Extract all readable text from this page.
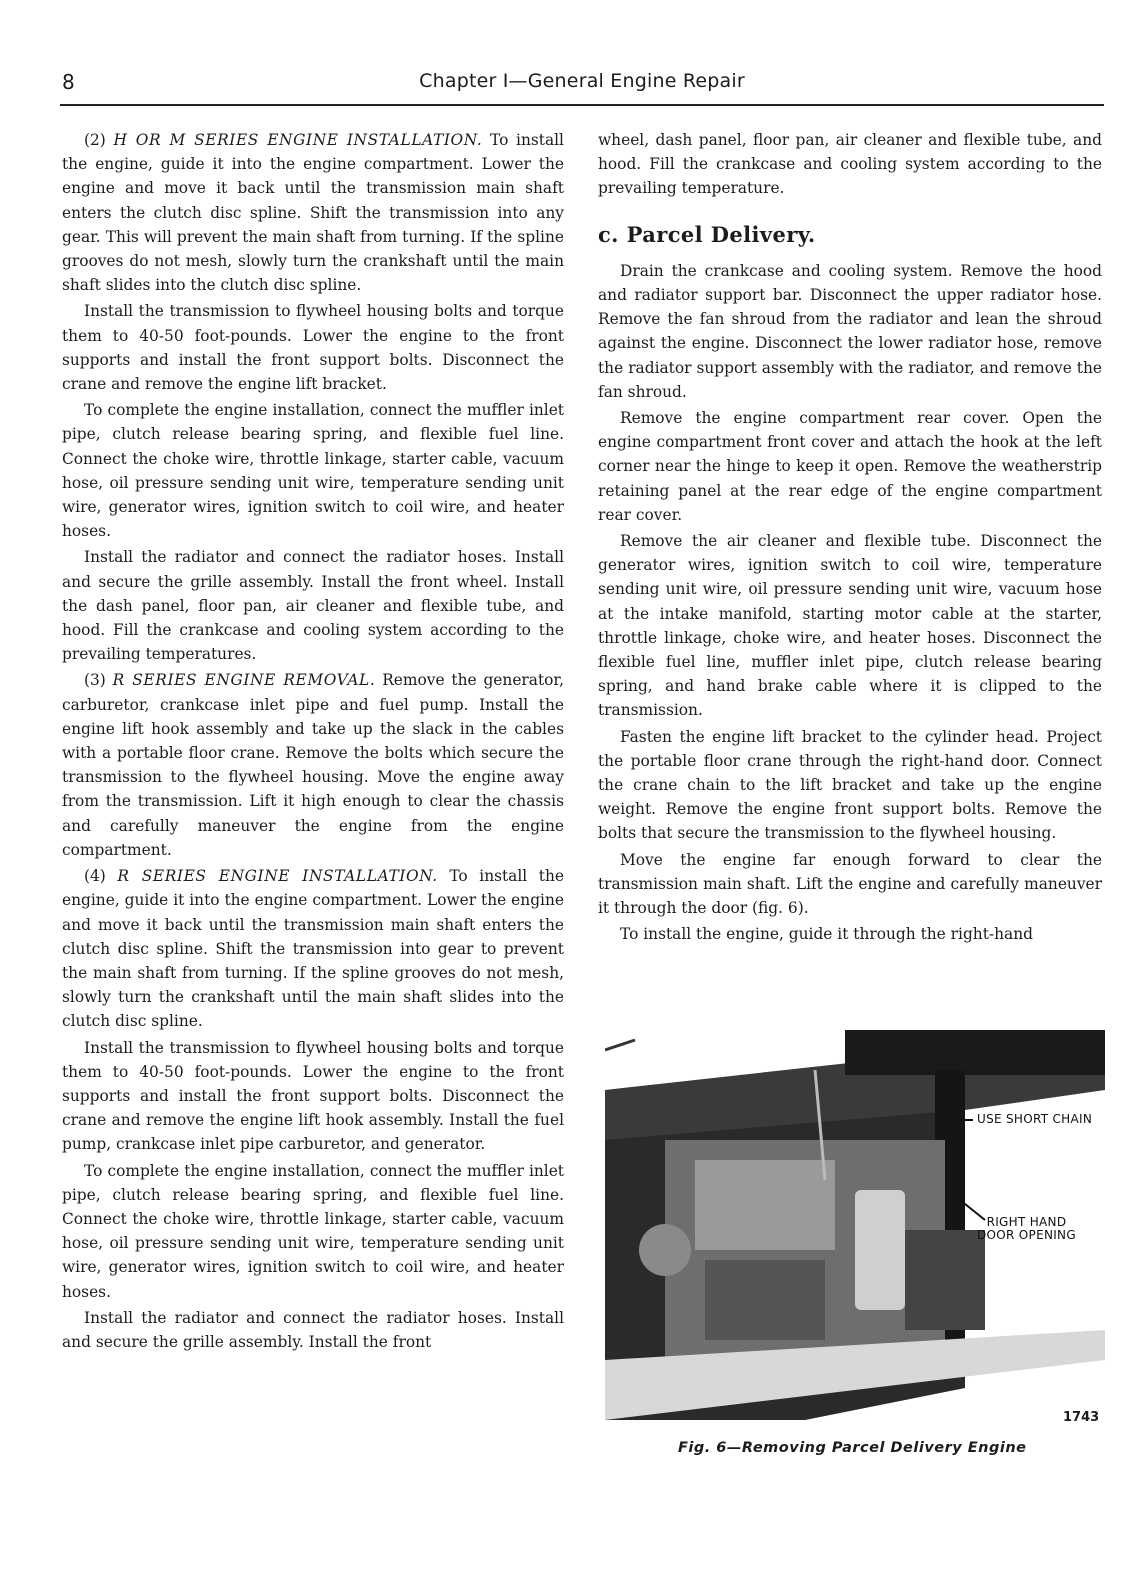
8	Chapter I—General Engine Repair

(2) H OR M SERIES ENGINE INSTALLATION. To install the engine, guide it into the engine compartment. Lower the engine and move it back until the transmission main shaft enters the clutch disc spline. Shift the transmission into any gear. This will prevent the main shaft from turning. If the spline grooves do not mesh, slowly turn the crankshaft until the main shaft slides into the clutch disc spline.

Install the transmission to flywheel housing bolts and torque them to 40-50 foot-pounds. Lower the engine to the front supports and install the front support bolts. Disconnect the crane and remove the engine lift bracket.

To complete the engine installation, connect the muffler inlet pipe, clutch release bearing spring, and flexible fuel line. Connect the choke wire, throttle linkage, starter cable, vacuum hose, oil pressure sending unit wire, temperature sending unit wire, generator wires, ignition switch to coil wire, and heater hoses.

Install the radiator and connect the radiator hoses. Install and secure the grille assembly. Install the front wheel. Install the dash panel, floor pan, air cleaner and flexible tube, and hood. Fill the crankcase and cooling system according to the prevailing temperatures.

(3) R SERIES ENGINE REMOVAL. Remove the generator, carburetor, crankcase inlet pipe and fuel pump. Install the engine lift hook assembly and take up the slack in the cables with a portable floor crane. Remove the bolts which secure the transmission to the flywheel housing. Move the engine away from the transmission. Lift it high enough to clear the chassis and carefully maneuver the engine from the engine compartment.

(4) R SERIES ENGINE INSTALLATION. To install the engine, guide it into the engine compartment. Lower the engine and move it back until the transmission main shaft enters the clutch disc spline. Shift the transmission into gear to prevent the main shaft from turning. If the spline grooves do not mesh, slowly turn the crankshaft until the main shaft slides into the clutch disc spline.

Install the transmission to flywheel housing bolts and torque them to 40-50 foot-pounds. Lower the engine to the front supports and install the front support bolts. Disconnect the crane and remove the engine lift hook assembly. Install the fuel pump, crankcase inlet pipe carburetor, and generator.

To complete the engine installation, connect the muffler inlet pipe, clutch release bearing spring, and flexible fuel line. Connect the choke wire, throttle linkage, starter cable, vacuum hose, oil pressure sending unit wire, temperature sending unit wire, generator wires, ignition switch to coil wire, and heater hoses.

Install the radiator and connect the radiator hoses. Install and secure the grille assembly. Install the front

wheel, dash panel, floor pan, air cleaner and flexible tube, and hood. Fill the crankcase and cooling system according to the prevailing temperature.

c. Parcel Delivery.

Drain the crankcase and cooling system. Remove the hood and radiator support bar. Disconnect the upper radiator hose. Remove the fan shroud from the radiator and lean the shroud against the engine. Disconnect the lower radiator hose, remove the radiator support assembly with the radiator, and remove the fan shroud.

Remove the engine compartment rear cover. Open the engine compartment front cover and attach the hook at the left corner near the hinge to keep it open. Remove the weatherstrip retaining panel at the rear edge of the engine compartment rear cover.

Remove the air cleaner and flexible tube. Disconnect the generator wires, ignition switch to coil wire, temperature sending unit wire, oil pressure sending unit wire, vacuum hose at the intake manifold, starting motor cable at the starter, throttle linkage, choke wire, and heater hoses. Disconnect the flexible fuel line, muffler inlet pipe, clutch release bearing spring, and hand brake cable where it is clipped to the transmission.

Fasten the engine lift bracket to the cylinder head. Project the portable floor crane through the right-hand door. Connect the crane chain to the lift bracket and take up the engine weight. Remove the engine front support bolts. Remove the bolts that secure the transmission to the flywheel housing.

Move the engine far enough forward to clear the transmission main shaft. Lift the engine and carefully maneuver it through the door (fig. 6).

To install the engine, guide it through the right-hand

USE SHORT CHAIN
RIGHT HAND
DOOR OPENING
1743
Fig. 6—Removing Parcel Delivery Engine
